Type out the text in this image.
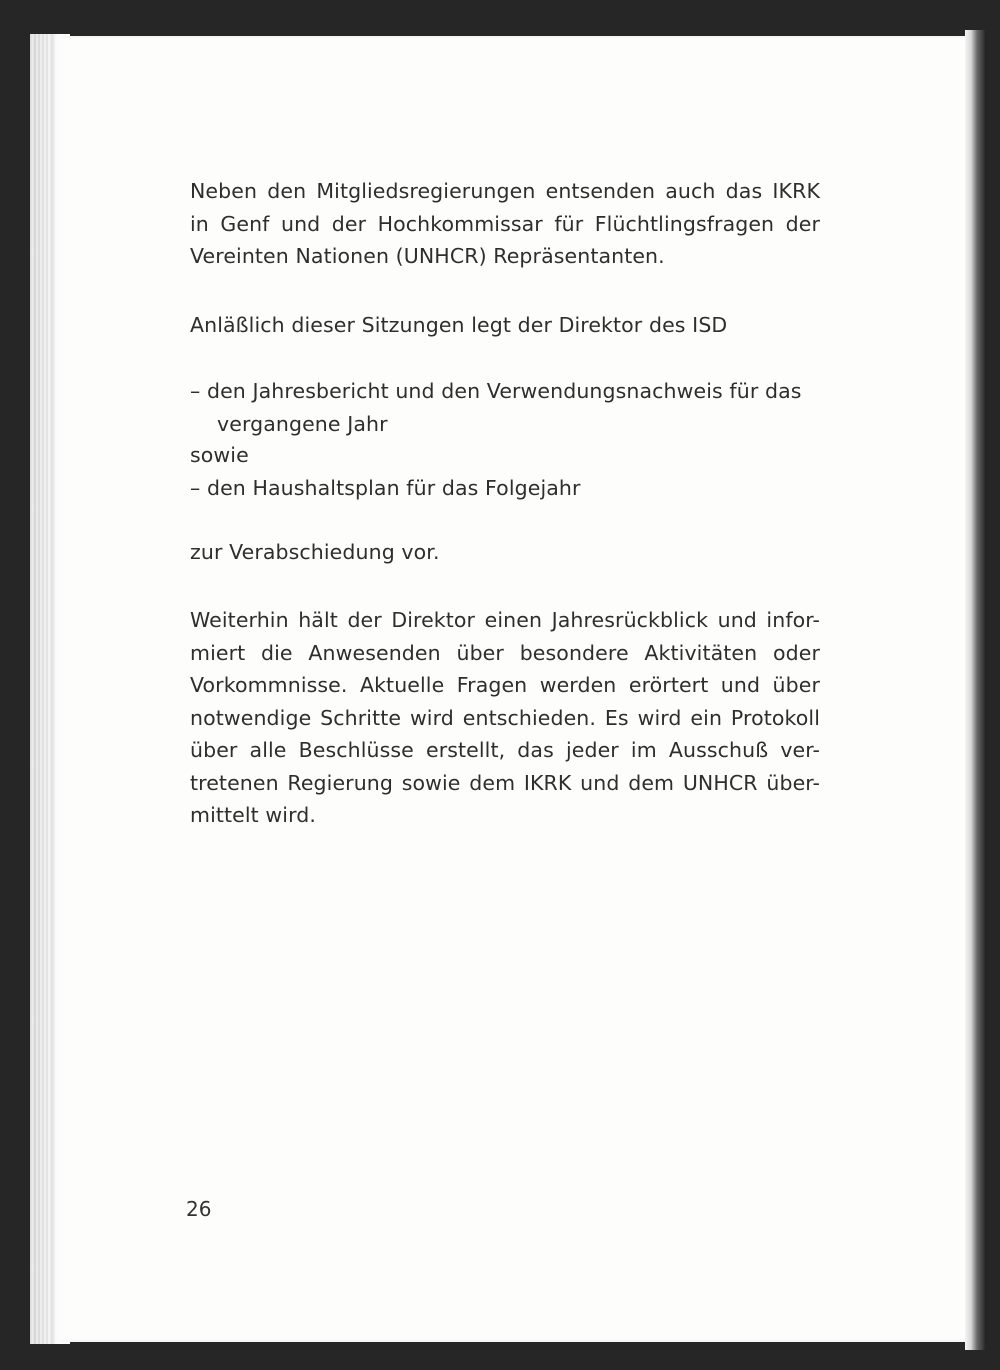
Neben den Mitgliedsregierungen entsenden auch das IKRK
in Genf und der Hochkommissar für Flüchtlingsfragen der
Vereinten Nationen (UNHCR) Repräsentanten.
Anläßlich dieser Sitzungen legt der Direktor des ISD
– den Jahresbericht und den Verwendungsnachweis für das
vergangene Jahr
sowie
– den Haushaltsplan für das Folgejahr
zur Verabschiedung vor.
Weiterhin hält der Direktor einen Jahresrückblick und infor-
miert die Anwesenden über besondere Aktivitäten oder
Vorkommnisse. Aktuelle Fragen werden erörtert und über
notwendige Schritte wird entschieden. Es wird ein Protokoll
über alle Beschlüsse erstellt, das jeder im Ausschuß ver-
tretenen Regierung sowie dem IKRK und dem UNHCR über-
mittelt wird.
26
